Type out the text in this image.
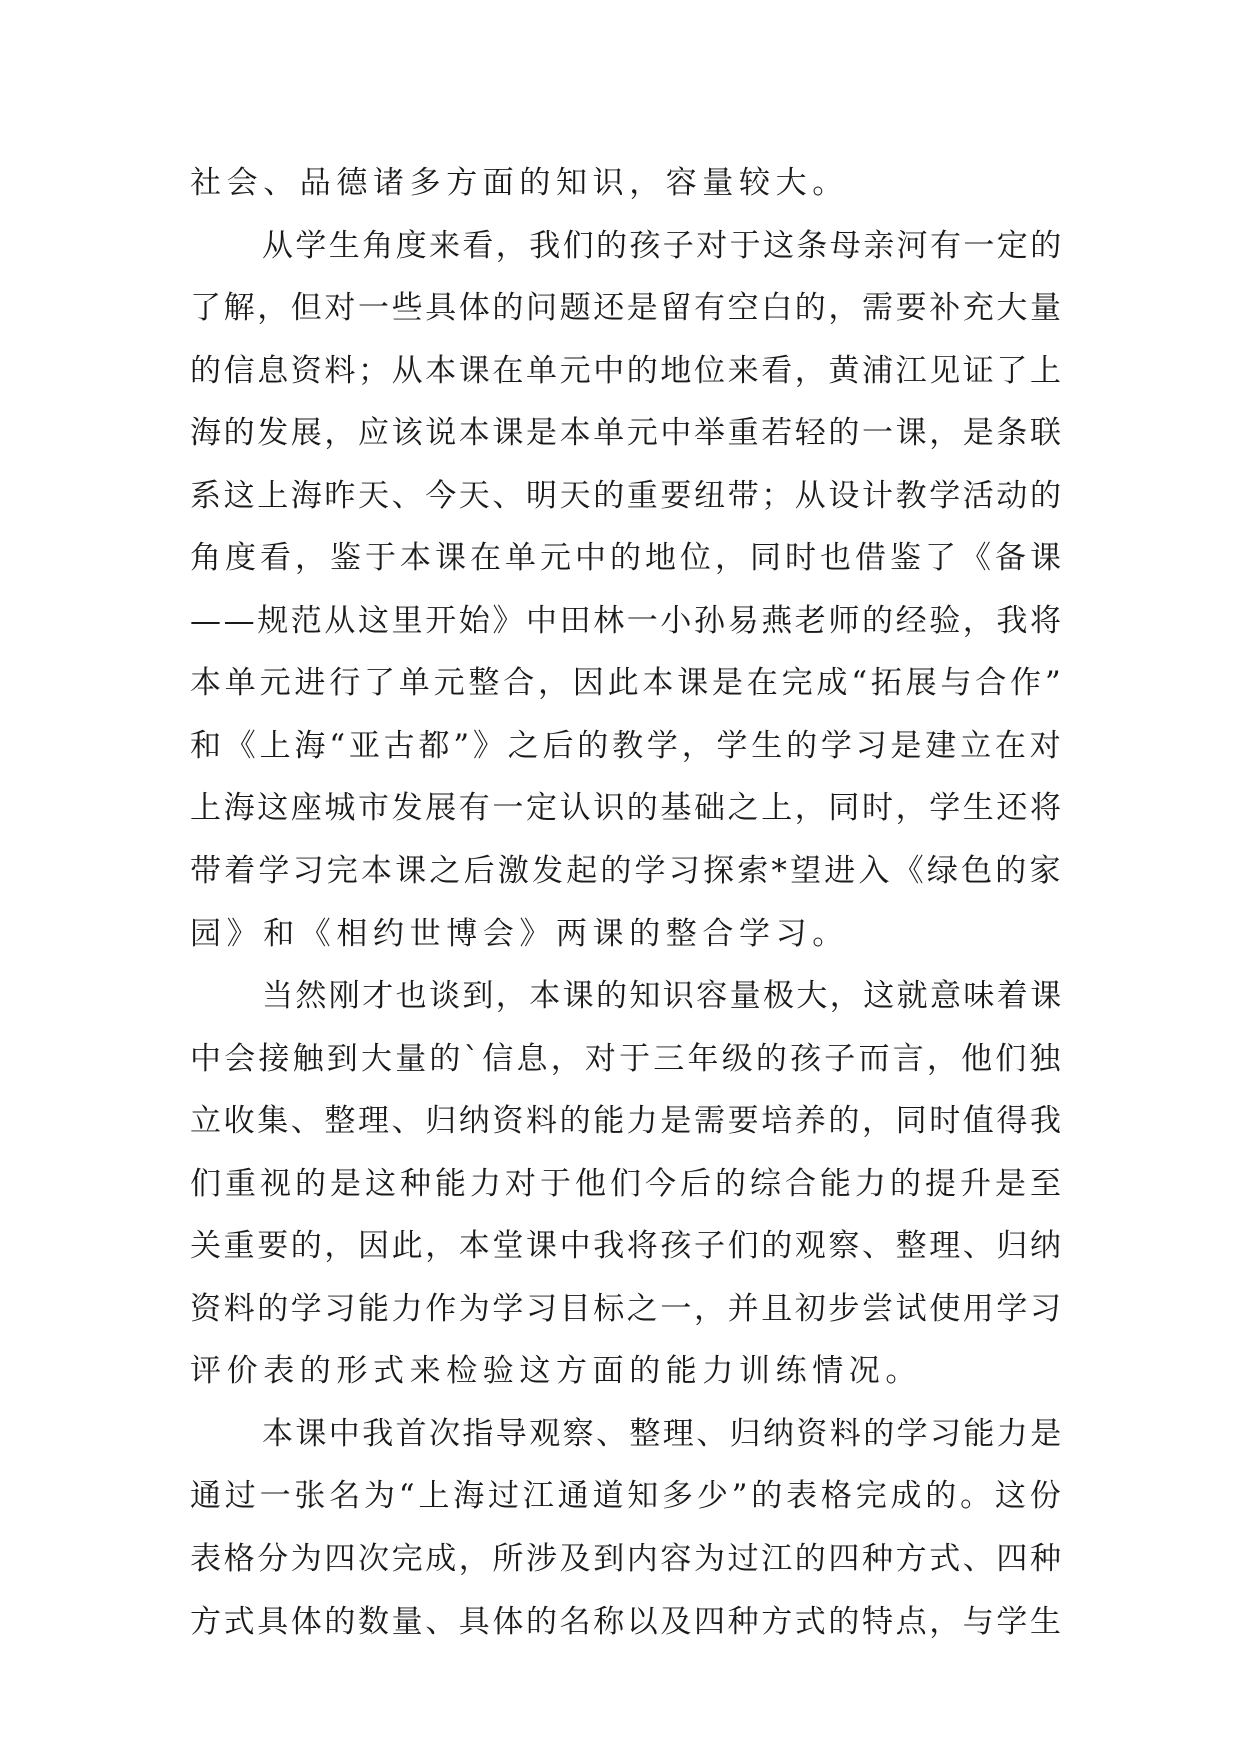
社会、品德诸多方面的知识，容量较大。
从学生角度来看，我们的孩子对于这条母亲河有一定的
了解，但对一些具体的问题还是留有空白的，需要补充大量
的信息资料；从本课在单元中的地位来看，黄浦江见证了上
海的发展，应该说本课是本单元中举重若轻的一课，是条联
系这上海昨天、今天、明天的重要纽带；从设计教学活动的
角度看，鉴于本课在单元中的地位，同时也借鉴了《备课
——规范从这里开始》中田林一小孙易燕老师的经验，我将
本单元进行了单元整合，因此本课是在完成“拓展与合作”
和《上海“亚古都”》之后的教学，学生的学习是建立在对
上海这座城市发展有一定认识的基础之上，同时，学生还将
带着学习完本课之后激发起的学习探索*望进入《绿色的家
园》和《相约世博会》两课的整合学习。
当然刚才也谈到，本课的知识容量极大，这就意味着课
中会接触到大量的`信息，对于三年级的孩子而言，他们独
立收集、整理、归纳资料的能力是需要培养的，同时值得我
们重视的是这种能力对于他们今后的综合能力的提升是至
关重要的，因此，本堂课中我将孩子们的观察、整理、归纳
资料的学习能力作为学习目标之一，并且初步尝试使用学习
评价表的形式来检验这方面的能力训练情况。
本课中我首次指导观察、整理、归纳资料的学习能力是
通过一张名为“上海过江通道知多少”的表格完成的。这份
表格分为四次完成，所涉及到内容为过江的四种方式、四种
方式具体的数量、具体的名称以及四种方式的特点，与学生
